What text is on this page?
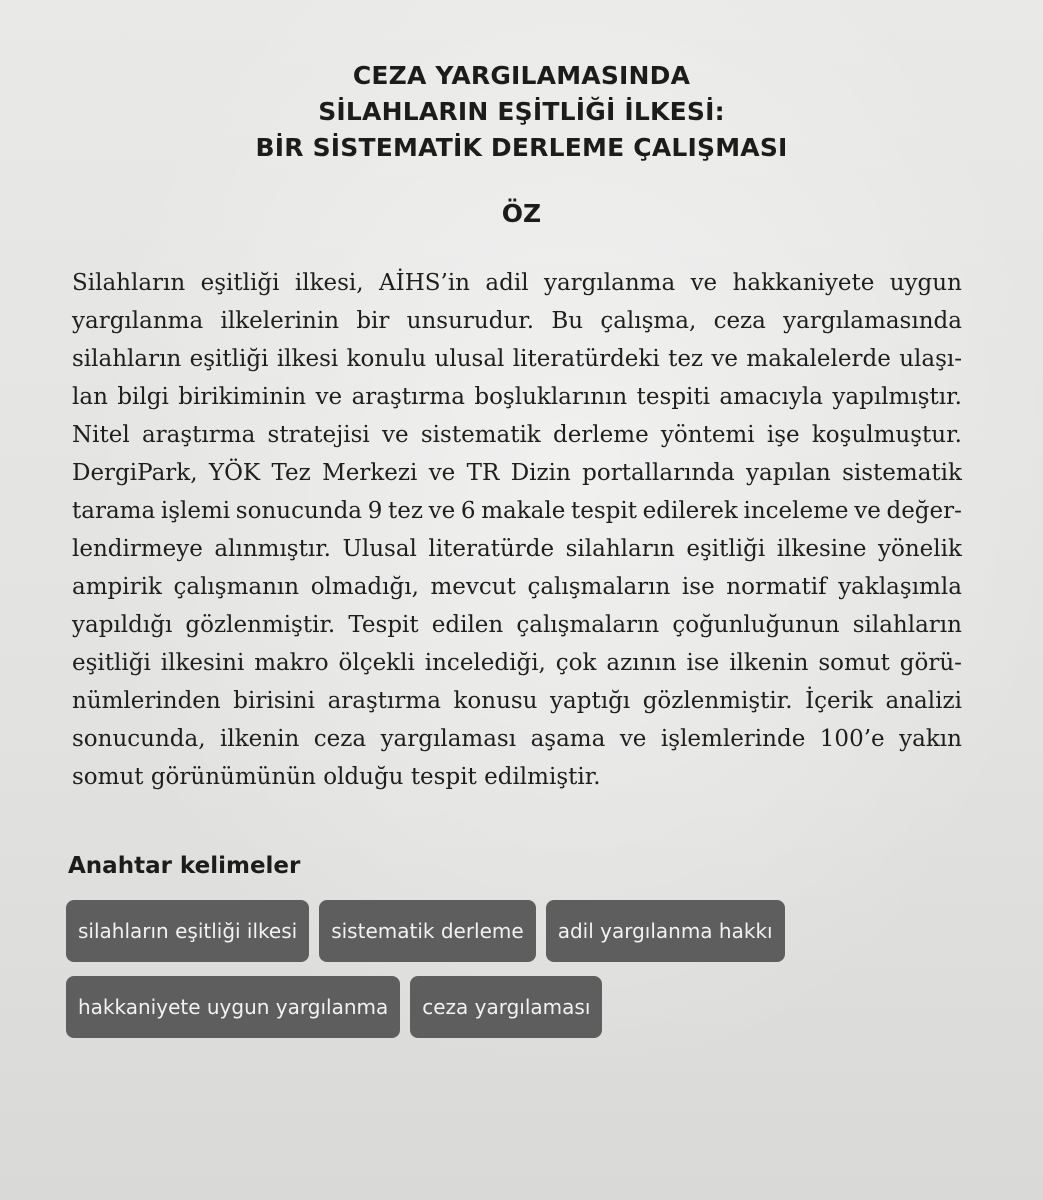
CEZA YARGILAMASINDA
SİLAHLARIN EŞİTLİĞİ İLKESİ:
BİR SİSTEMATİK DERLEME ÇALIŞMASI
ÖZ
Silahların eşitliği ilkesi, AİHS’in adil yargılanma ve hakkaniyete uygun
yargılanma ilkelerinin bir unsurudur. Bu çalışma, ceza yargılamasında
silahların eşitliği ilkesi konulu ulusal literatürdeki tez ve makalelerde ulaşı-
lan bilgi birikiminin ve araştırma boşluklarının tespiti amacıyla yapılmıştır.
Nitel araştırma stratejisi ve sistematik derleme yöntemi işe koşulmuştur.
DergiPark, YÖK Tez Merkezi ve TR Dizin portallarında yapılan sistematik
tarama işlemi sonucunda 9 tez ve 6 makale tespit edilerek inceleme ve değer-
lendirmeye alınmıştır. Ulusal literatürde silahların eşitliği ilkesine yönelik
ampirik çalışmanın olmadığı, mevcut çalışmaların ise normatif yaklaşımla
yapıldığı gözlenmiştir. Tespit edilen çalışmaların çoğunluğunun silahların
eşitliği ilkesini makro ölçekli incelediği, çok azının ise ilkenin somut görü-
nümlerinden birisini araştırma konusu yaptığı gözlenmiştir. İçerik analizi
sonucunda, ilkenin ceza yargılaması aşama ve işlemlerinde 100’e yakın
somut görünümünün olduğu tespit edilmiştir.
Anahtar kelimeler
silahların eşitliği ilkesi	sistematik derleme	adil yargılanma hakkı
hakkaniyete uygun yargılanma	ceza yargılaması
